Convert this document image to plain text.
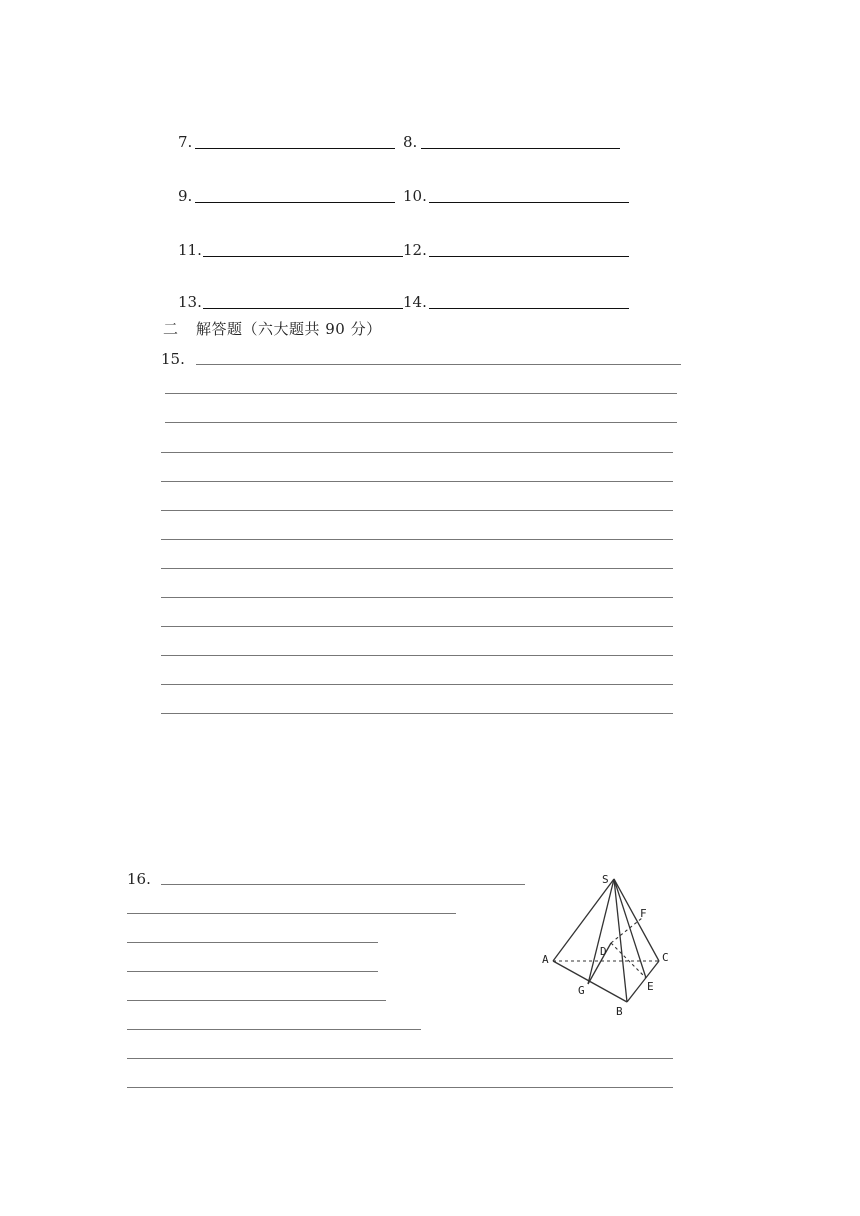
7.	8.
9.	10.
11.	12.
13.	14.
二 解答题（六大题共 90 分）
15.
16.	S
F
A
D	C
G	E
B
